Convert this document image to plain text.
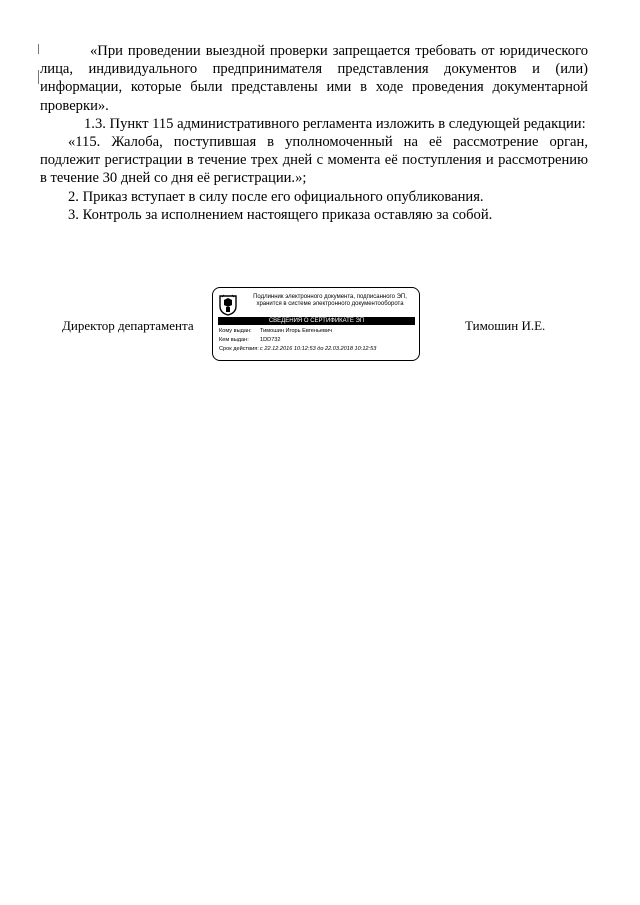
«При проведении выездной проверки запрещается требовать от юридического лица, индивидуального предпринимателя представления документов и (или) информации, которые были представлены ими в ходе проведения документарной проверки».

1.3. Пункт 115 административного регламента изложить в следующей редакции:

«115. Жалоба, поступившая в уполномоченный на её рассмотрение орган, подлежит регистрации в течение трех дней с момента её поступления и рассмотрению в течение 30 дней со дня её регистрации.»;

2. Приказ вступает в силу после его официального опубликования.

3. Контроль за исполнением настоящего приказа оставляю за собой.

Директор департамента
Подлинник электронного документа, подписанного ЭП, хранится в системе электронного документооборота
СВЕДЕНИЯ О СЕРТИФИКАТЕ ЭП
Кому выдан: Тимошин Игорь Евгеньевич
Кем выдан: 1DD732
Срок действия:с 22.12.2016 10:12:53 до 22.03.2018 10:12:53
Тимошин И.Е.
